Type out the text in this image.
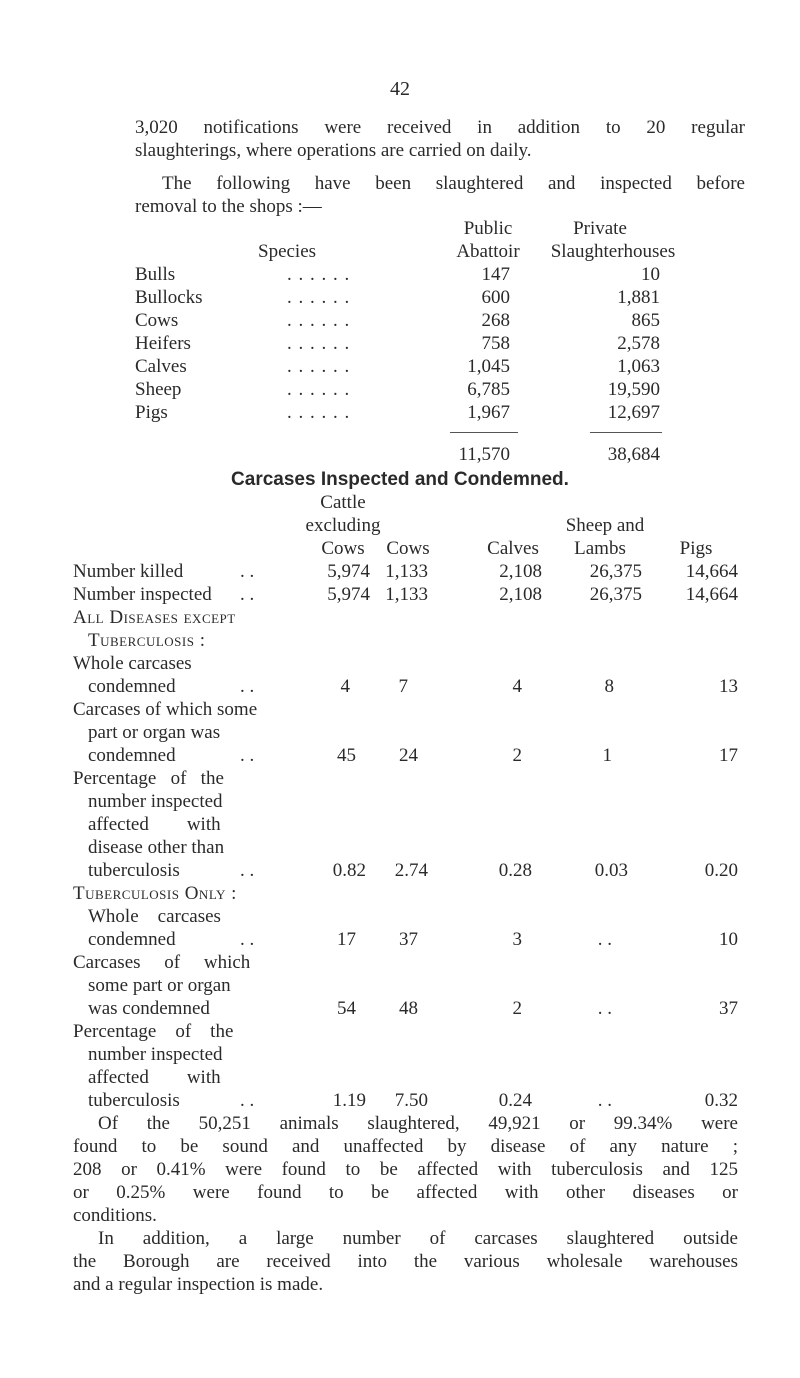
42
3,020 notifications were received in addition to 20 regular
slaughterings, where operations are carried on daily.
The following have been slaughtered and inspected before
removal to the shops :—
Private
Public
Species	Abattoir	Slaughterhouses
Bulls	. . . . . .	147	10
Bullocks	. . . . . .	600	1,881
Cows	. . . . . .	268	865
Heifers	. . . . . .	758	2,578
Calves	. . . . . .	1,045	1,063
Sheep	. . . . . .	6,785	19,590
Pigs	. . . . . .	1,967	12,697
11,570	38,684
Carcases Inspected and Condemned.
Cattle
excluding	Sheep and
Cows	Cows	Calves	Lambs	Pigs
Number killed	. .	5,974 1,133	2,108	26,375	14,664
Number inspected . .	5,974 1,133	2,108	26,375	14,664
All Diseases except
Tuberculosis :
Whole carcases
condemned	. .	4	7	4	8	13
Carcases of which some
part or organ was
condemned	. .	45	24	2	1	17
Percentage   of   the
number inspected
affected        with
disease other than
tuberculosis	. .	0.82	2.74	0.28	0.03	0.20
Tuberculosis Only :
Whole    carcases
condemned	. .	17	37	3	. .	10
Carcases     of     which
some part or organ
was condemned	54	48	2	. .	37
Percentage    of    the
number inspected
affected        with
tuberculosis	. .	1.19	7.50	0.24	. .	0.32
Of the 50,251 animals slaughtered, 49,921 or 99.34% were
found to be sound and unaffected by disease of any nature ;
208 or 0.41% were found to be affected with tuberculosis and 125
or 0.25% were found to be affected with other diseases or
conditions.
In addition, a large number of carcases slaughtered outside
the Borough are received into the various wholesale warehouses
and a regular inspection is made.
